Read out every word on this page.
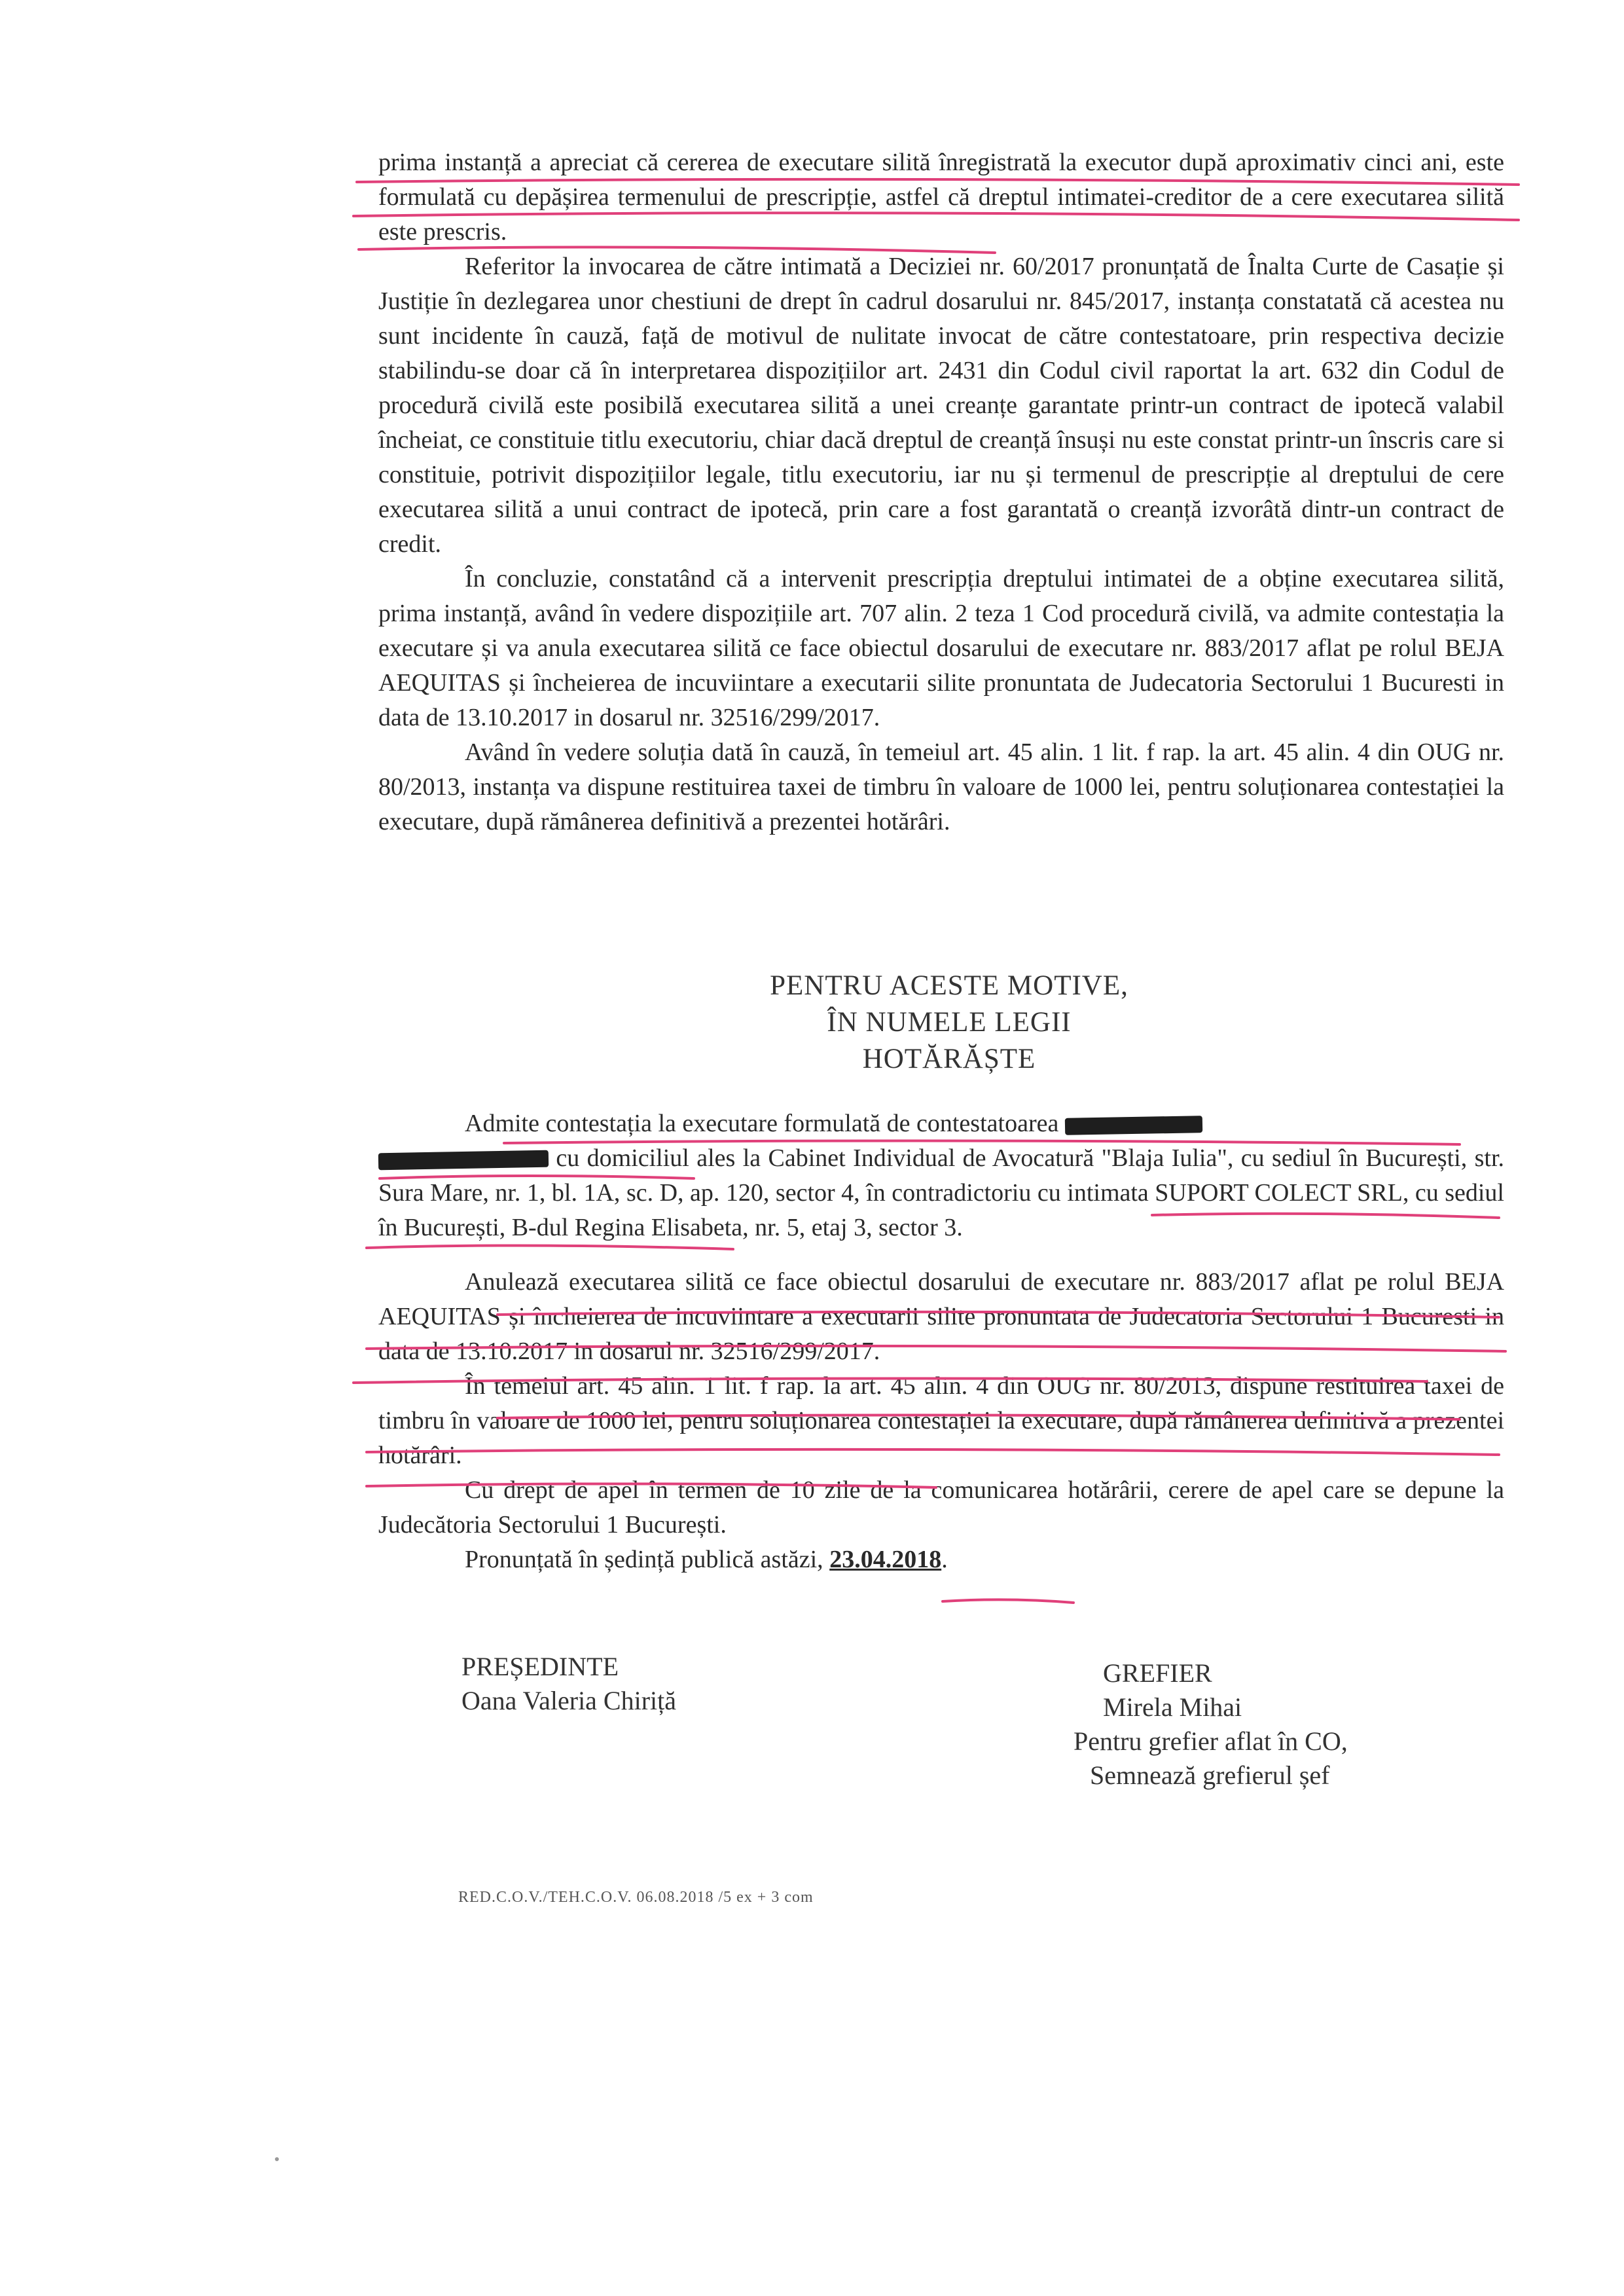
prima instanță a apreciat că cererea de executare silită înregistrată la executor după aproximativ cinci ani, este formulată cu depășirea termenului de prescripție, astfel că dreptul intimatei-creditor de a cere executarea silită este prescris.

Referitor la invocarea de către intimată a Deciziei nr. 60/2017 pronunțată de Înalta Curte de Casație și Justiție în dezlegarea unor chestiuni de drept în cadrul dosarului nr. 845/2017, instanța constatată că acestea nu sunt incidente în cauză, față de motivul de nulitate invocat de către contestatoare, prin respectiva decizie stabilindu-se doar că în interpretarea dispozițiilor art. 2431 din Codul civil raportat la art. 632 din Codul de procedură civilă este posibilă executarea silită a unei creanțe garantate printr-un contract de ipotecă valabil încheiat, ce constituie titlu executoriu, chiar dacă dreptul de creanță însuși nu este constat printr-un înscris care si constituie, potrivit dispozițiilor legale, titlu executoriu, iar nu și termenul de prescripție al dreptului de cere executarea silită a unui contract de ipotecă, prin care a fost garantată o creanță izvorâtă dintr-un contract de credit.

În concluzie, constatând că a intervenit prescripția dreptului intimatei de a obține executarea silită, prima instanță, având în vedere dispozițiile art. 707 alin. 2 teza 1 Cod procedură civilă, va admite contestația la executare și va anula executarea silită ce face obiectul dosarului de executare nr. 883/2017 aflat pe rolul BEJA AEQUITAS și încheierea de incuviintare a executarii silite pronuntata de Judecatoria Sectorului 1 Bucuresti in data de 13.10.2017 in dosarul nr. 32516/299/2017.

Având în vedere soluția dată în cauză, în temeiul art. 45 alin. 1 lit. f rap. la art. 45 alin. 4 din OUG nr. 80/2013, instanța va dispune restituirea taxei de timbru în valoare de 1000 lei, pentru soluționarea contestației la executare, după rămânerea definitivă a prezentei hotărâri.

PENTRU ACESTE MOTIVE,
ÎN NUMELE LEGII
HOTĂRĂȘTE

Admite contestația la executare formulată de contestatoarea
cu domiciliul ales la Cabinet Individual de Avocatură "Blaja Iulia", cu sediul în București, str. Sura Mare, nr. 1, bl. 1A, sc. D, ap. 120, sector 4, în contradictoriu cu intimata SUPORT COLECT SRL, cu sediul în București, B-dul Regina Elisabeta, nr. 5, etaj 3, sector 3.

Anulează executarea silită ce face obiectul dosarului de executare nr. 883/2017 aflat pe rolul BEJA AEQUITAS și încheierea de incuviintare a executarii silite pronuntata de Judecatoria Sectorului 1 Bucuresti in data de 13.10.2017 in dosarul nr. 32516/299/2017.

În temeiul art. 45 alin. 1 lit. f rap. la art. 45 alin. 4 din OUG nr. 80/2013, dispune restituirea taxei de timbru în valoare de 1000 lei, pentru soluționarea contestației la executare, după rămânerea definitivă a prezentei hotărâri.

Cu drept de apel în termen de 10 zile de la comunicarea hotărârii, cerere de apel care se depune la Judecătoria Sectorului 1 București.

Pronunțată în ședință publică astăzi, 23.04.2018.

PREȘEDINTE
Oana Valeria Chiriță
GREFIER
Mirela Mihai
Pentru grefier aflat în CO,
Semnează grefierul șef
RED.C.O.V./TEH.C.O.V. 06.08.2018 /5 ex + 3 com
